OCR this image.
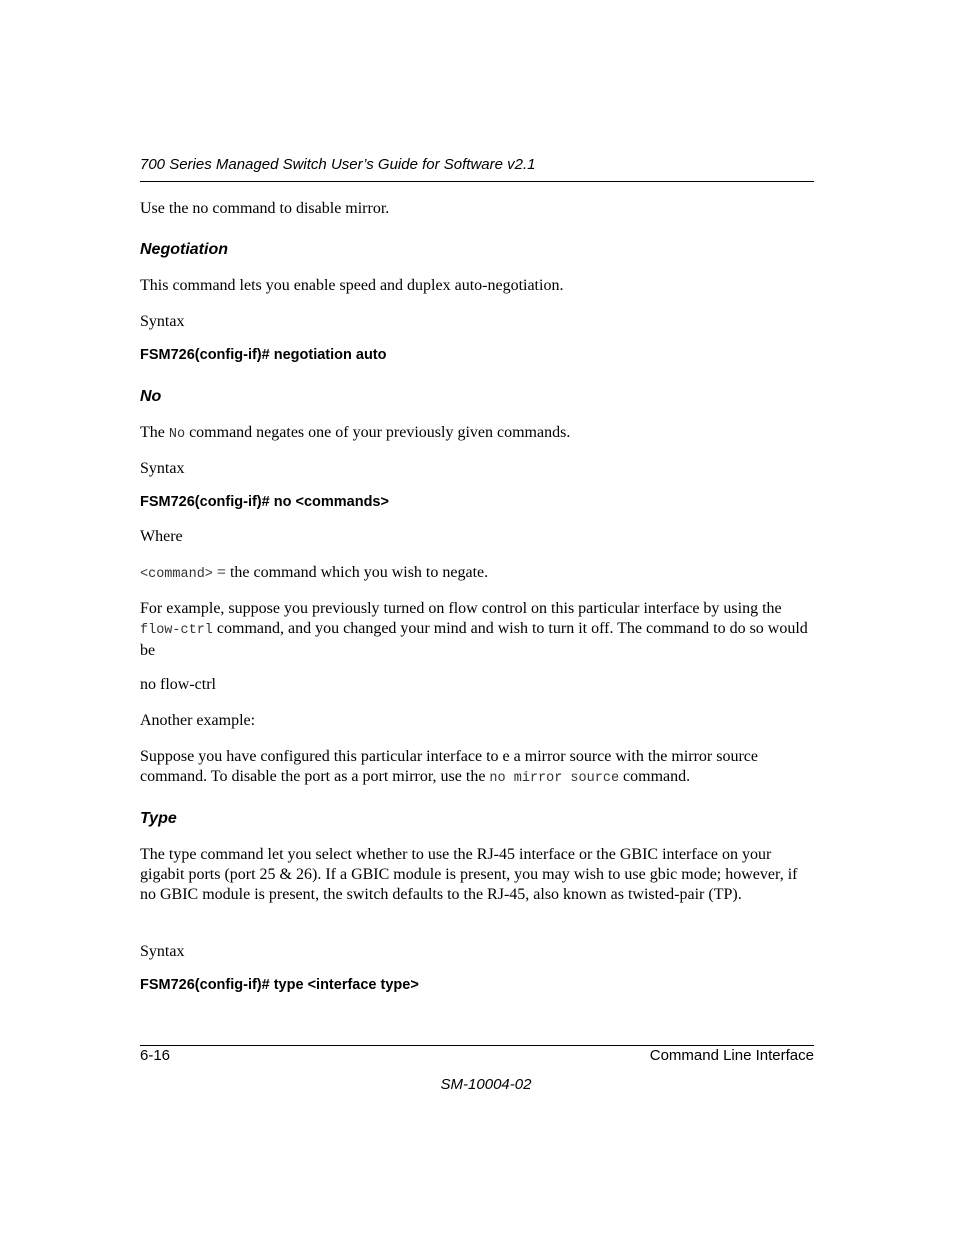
700 Series Managed Switch User’s Guide for Software v2.1

Use the no command to disable mirror.

Negotiation

This command lets you enable speed and duplex auto-negotiation.

Syntax

FSM726(config-if)# negotiation auto
No

The No command negates one of your previously given commands.

Syntax

FSM726(config-if)# no <commands>

Where

<command> = the command which you wish to negate.

For example, suppose you previously turned on flow control on this particular interface by using the flow-ctrl command, and you changed your mind and wish to turn it off. The command to do so would be

no flow-ctrl

Another example:

Suppose you have configured this particular interface to e a mirror source with the mirror source command. To disable the port as a port mirror, use the no mirror source command.

Type

The type command let you select whether to use the RJ-45 interface or the GBIC interface on your gigabit ports (port 25 & 26). If a GBIC module is present, you may wish to use gbic mode; however, if no GBIC module is present, the switch defaults to the RJ-45, also known as twisted-pair (TP).

Syntax

FSM726(config-if)# type <interface type>
6-16	Command Line Interface
SM-10004-02
